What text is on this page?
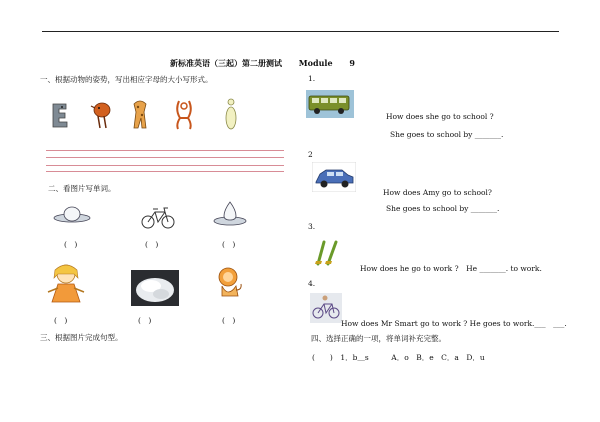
新标准英语（三起）第二册测试 Module 9
一、根据动物的姿势，写出相应字母的大小写形式。
二、看图片写单词。
(　)	(　)	(　)
(　)	(　)	(　)
三、根据图片完成句型。
1.
How does she go to school ?
She goes to school by _______.
2
How does Amy go to school?
She goes to school by _______.
3.
How does he go to work ?　He _______. to work.
4.
How does Mr Smart go to work ? He goes to work.___　___.
四、选择正确的一项，将单词补充完整。
(　　)　1．b＿s　　　A．o　B．e　C．a　D．u
